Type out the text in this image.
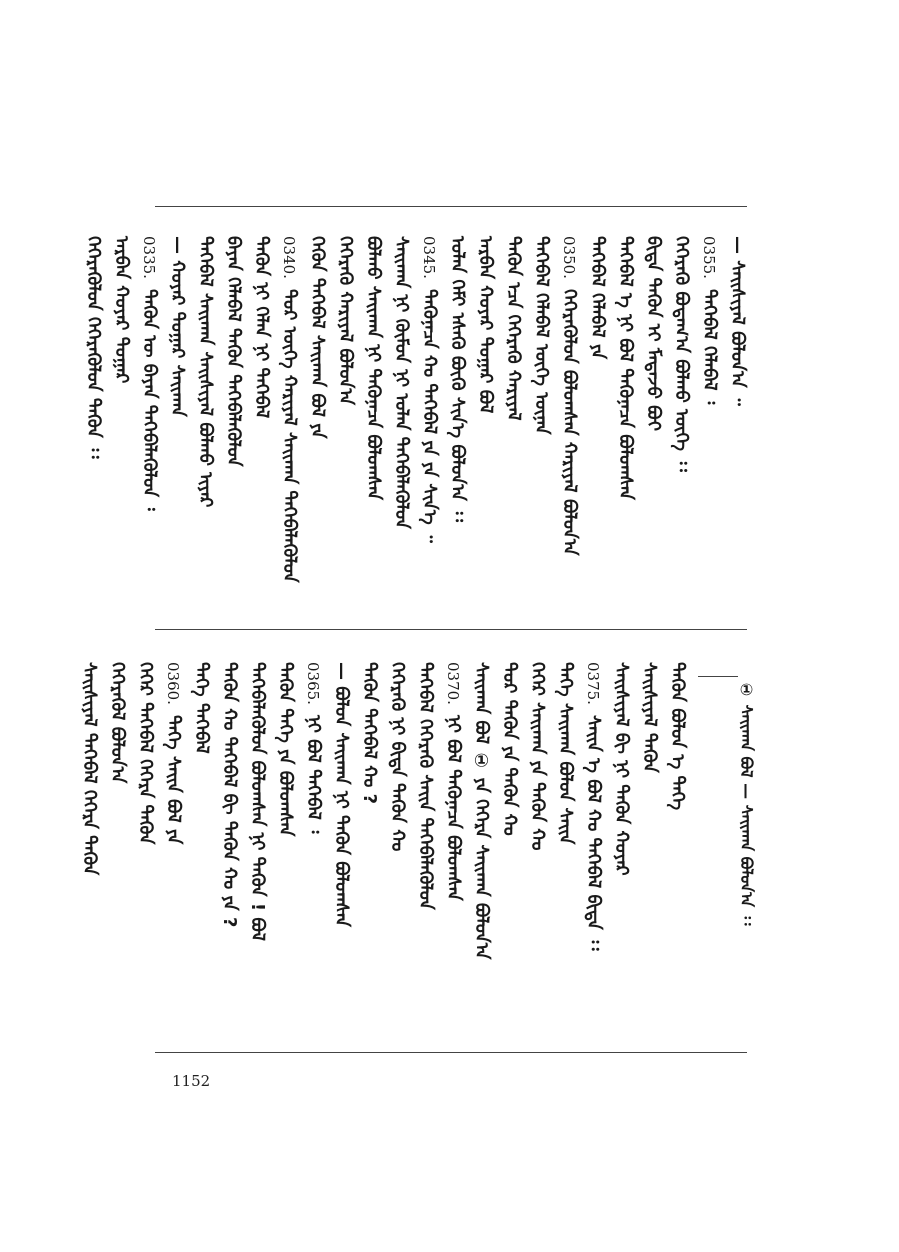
— ᠰᠠᠢᠰᠢᠶᠠᠯ ᠪᠣᠯᠤᠨ᠎ᠠ ᠃
0355.ᠲᠡᠭᠡᠪᠡᠯ ᠬᠡᠯᠡᠪᠡᠯ ᠄
ᠬᠡᠭᠡᠷᠡᠭᠦ ᠪᠤᠳᠠᠭ᠎ᠠ ᠪᠣᠯᠬᠤ ᠦᠭᠡ ᠄᠄
ᠪᠢᠳᠡ ᠲᠡᠭᠦᠨ ᠢ ᠮᠡᠳᠡᠵᠦ ᠪᠤᠢ
ᠲᠡᠭᠡᠪᠡᠯ ᠡ ᠨᠢ ᠪᠣᠯ ᠲᠡᠭᠦᠨᠡᠴᠡ ᠪᠣᠯᠤᠭᠰᠠᠨ
ᠲᠡᠭᠡᠪᠡᠯ ᠬᠡᠯᠡᠪᠡᠯ ᠶᠠ
0350.ᠬᠡᠭᠡᠷᠡᠭᠦᠯᠦᠨ ᠪᠣᠯᠤᠭᠰᠠᠨ ᠬᠠᠷᠢᠶᠠᠯ ᠪᠣᠯᠤᠨ᠎ᠠ
ᠲᠡᠭᠡᠪᠡᠯ ᠬᠡᠯᠡᠪᠡᠯ ᠦᠭᠡ ᠦᠨᠡᠨ
ᠲᠡᠭᠦᠨ ᠡᠴᠡ ᠬᠡᠭᠡᠷᠡᠭᠦ ᠬᠠᠷᠢᠶᠠᠯ
ᠠᠷᠪᠠᠨ ᠬᠣᠶᠠᠷ ᠳᠤᠭᠠᠷ ᠪᠣᠯ
ᠣᠯᠠᠨ ᠬᠡᠮᠢ ᠡᠰᠡᠬᠦ ᠪᠦᠬᠦ ᠰᠢᠨ᠎ᠡ ᠪᠣᠯᠤᠨ᠎ᠠ ᠄᠄
0345.ᠲᠡᠭᠦᠨᠡᠴᠡ ᠬᠣ ᠲᠡᠭᠡᠪᠡᠯ ᠶᠠ ᠶᠠ ᠰᠢᠨ᠎ᠡ ᠃
ᠰᠠᠢᠬᠠᠨ ᠨᠢ ᠬᠦᠮᠦᠨ ᠨᠢ ᠣᠯᠠᠨ ᠲᠡᠭᠡᠪᠡᠯᠡᠭᠦᠯᠦᠨ
ᠪᠣᠯᠬᠤ ᠰᠠᠢᠬᠠᠨ ᠨᠢ ᠲᠡᠭᠦᠨᠡᠴᠡ ᠪᠣᠯᠤᠭᠰᠠᠨ
ᠬᠡᠭᠡᠷᠡᠭᠦ ᠬᠠᠷᠢᠶᠠᠯ ᠪᠣᠯᠤᠨ᠎ᠠ
ᠬᠡᠭᠦᠨ ᠲᠡᠭᠡᠪᠡᠯ ᠰᠠᠢᠬᠠᠨ ᠪᠣᠯ ᠶᠠ
0340.ᠳᠤᠷ ᠦᠭᠡ ᠬᠠᠷᠢᠶᠠᠯ ᠰᠠᠢᠬᠠᠨ ᠲᠡᠭᠡᠪᠡᠯᠡᠭᠦᠯᠦᠨ
ᠲᠡᠭᠦᠨ ᠨᠢ ᠬᠡᠯᠡᠨ ᠨᠢ ᠲᠡᠭᠡᠪᠡᠯ
ᠪᠠᠶᠠᠨ ᠬᠡᠯᠡᠪᠡᠯ ᠲᠡᠭᠦᠨ ᠲᠡᠭᠡᠪᠡᠯᠡᠭᠦᠯᠦᠨ
ᠲᠡᠭᠡᠪᠡᠯ ᠰᠠᠢᠬᠠᠨ ᠰᠠᠢᠰᠢᠶᠠᠯ ᠪᠣᠯᠬᠤ ᠢᠶᠠᠷ
— ᠬᠣᠶᠠᠷ ᠳᠤᠭᠠᠷ ᠰᠠᠢᠬᠠᠨ
0335.ᠲᠡᠭᠦᠨ ᠦ ᠪᠠᠶᠠᠨ ᠲᠡᠭᠡᠪᠡᠯᠡᠭᠦᠯᠦᠨ ᠄
ᠠᠷᠪᠠᠨ ᠬᠣᠶᠠᠷ ᠳᠤᠭᠠᠷ
ᠬᠡᠭᠡᠷᠡᠭᠦᠯᠦᠨ ᠬᠡᠭᠡᠷᠡᠭᠦᠯᠦᠨ ᠲᠡᠭᠦᠨ ᠄᠄
① ᠰᠠᠢᠬᠠᠨ ᠪᠣᠯ — ᠰᠠᠢᠬᠠᠨ ᠪᠣᠯᠤᠨ᠎ᠠ ᠄᠄
ᠲᠡᠭᠦᠨ ᠪᠣᠯᠤᠨ ᠡ ᠲᠡᠭᠡ
ᠰᠠᠢᠰᠢᠶᠠᠯ ᠲᠡᠭᠦᠨ
ᠰᠠᠢᠰᠢᠶᠠᠯ ᠪᠢ ᠨᠢ ᠲᠡᠭᠦᠨ ᠬᠣᠶᠠᠷ
0375.ᠰᠠᠢᠨ ᠡ ᠪᠣᠯ ᠬᠣ ᠲᠡᠭᠡᠪᠡᠯ ᠪᠢᠳᠡ ᠄᠄
ᠲᠡᠭᠡ ᠰᠠᠢᠬᠠᠨ ᠪᠣᠯᠤᠨ ᠰᠠᠢᠨ
ᠬᠡᠭᠡᠷ ᠰᠠᠢᠬᠠᠨ ᠶᠠ ᠲᠡᠭᠦᠨ ᠬᠣ
ᠳᠤᠷ ᠲᠡᠭᠦᠨ ᠶᠠ ᠲᠡᠭᠦᠨ ᠬᠣ
ᠰᠠᠢᠬᠠᠨ ᠪᠣᠯ ① ᠶᠠ ᠬᠡᠭᠡᠷᠡ ᠰᠠᠢᠬᠠᠨ ᠪᠣᠯᠤᠨ᠎ᠠ
0370.ᠨᠢ ᠪᠣᠯ ᠲᠡᠭᠦᠨᠡᠴᠡ ᠪᠣᠯᠤᠭᠰᠠᠨ
ᠲᠡᠭᠡᠪᠡᠯ ᠬᠡᠭᠡᠷᠡᠭᠦ ᠰᠠᠢᠨ ᠲᠡᠭᠡᠪᠡᠯᠡᠭᠦᠯᠦᠨ
ᠬᠡᠭᠡᠷᠡᠭᠦ ᠨᠢ ᠪᠢᠳᠡ ᠲᠡᠭᠦᠨ ᠬᠣ
ᠲᠡᠭᠦᠨ ᠲᠡᠭᠡᠪᠡᠯ ᠬᠣ ?
— ᠪᠣᠯᠤᠨ ᠰᠠᠢᠬᠠᠨ ᠨᠢ ᠲᠡᠭᠦᠨ ᠪᠣᠯᠤᠭᠰᠠᠨ
0365.ᠨᠢ ᠪᠣᠯ ᠲᠡᠭᠡᠪᠡᠯ ᠄
ᠲᠡᠭᠦᠨ ᠲᠡᠭᠡ ᠶᠠ ᠪᠣᠯᠤᠭᠰᠠᠨ
ᠲᠡᠭᠡᠪᠡᠯᠡᠭᠦᠯᠦᠨ ᠪᠣᠯᠤᠭᠰᠠᠨ ᠨᠢ ᠲᠡᠭᠦᠨ ! ᠪᠣᠯ
ᠲᠡᠭᠦᠨ ᠬᠣ ᠲᠡᠭᠡᠪᠡᠯ ᠪᠢ ᠲᠡᠭᠦᠨ ᠬᠣ ᠶᠠ ?
ᠲᠡᠭᠡ ᠲᠡᠭᠡᠪᠡᠯ
0360.ᠲᠡᠭᠡ ᠰᠠᠢᠨ ᠪᠣᠯ ᠶᠠ
ᠬᠡᠭᠡᠷ ᠲᠡᠭᠡᠪᠡᠯ ᠬᠡᠭᠡᠷᠡ ᠲᠡᠭᠦᠨ
ᠬᠡᠭᠡᠷᠡᠭᠦᠯ ᠪᠣᠯᠤᠨ᠎ᠠ
ᠰᠠᠢᠰᠢᠶᠠᠯ ᠲᠡᠭᠡᠪᠡᠯ ᠬᠡᠭᠡᠷᠡ ᠲᠡᠭᠦᠨ
1152
